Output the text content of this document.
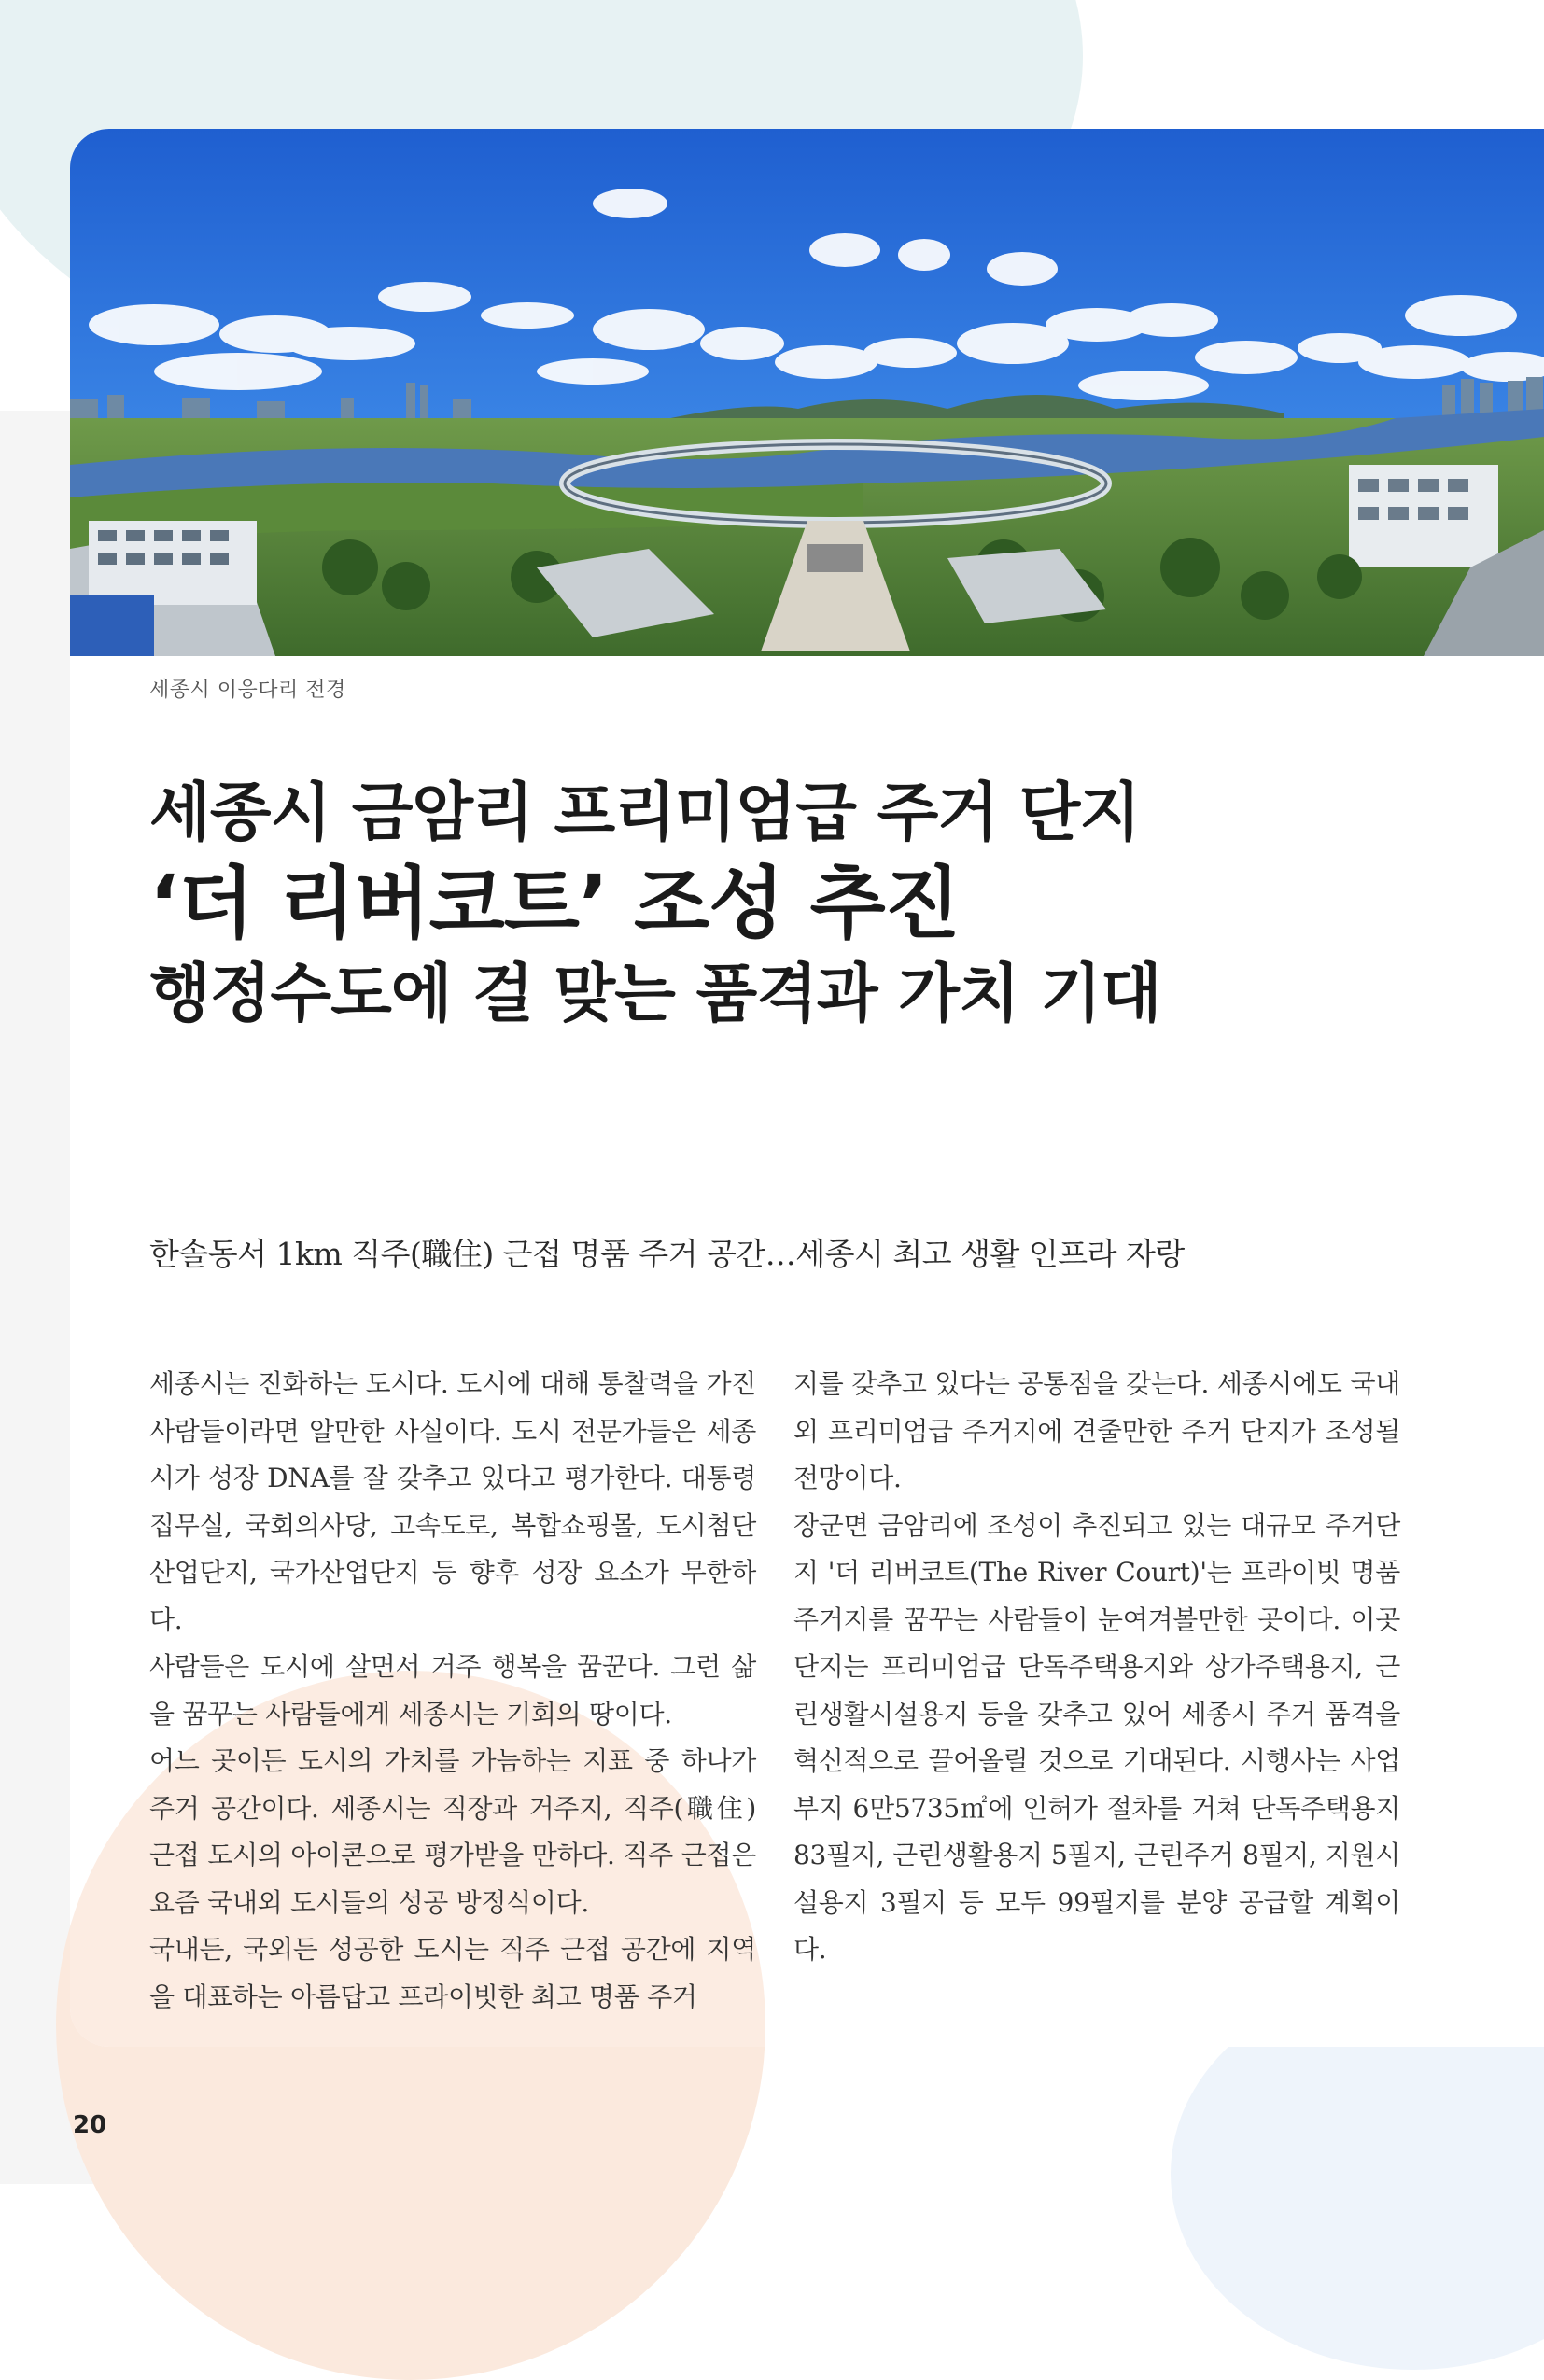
세종시 이응다리 전경
세종시 금암리 프리미엄급 주거 단지
‘더 리버코트’ 조성 추진
행정수도에 걸 맞는 품격과 가치 기대
한솔동서 1km 직주(職住) 근접 명품 주거 공간…세종시 최고 생활 인프라 자랑

세종시는 진화하는 도시다. 도시에 대해 통찰력을 가진 사람들이라면 알만한 사실이다. 도시 전문가들은 세종시가 성장 DNA를 잘 갖추고 있다고 평가한다. 대통령집무실, 국회의사당, 고속도로, 복합쇼핑몰, 도시첨단산업단지, 국가산업단지 등 향후 성장 요소가 무한하다.

사람들은 도시에 살면서 거주 행복을 꿈꾼다. 그런 삶을 꿈꾸는 사람들에게 세종시는 기회의 땅이다.

어느 곳이든 도시의 가치를 가늠하는 지표 중 하나가 주거 공간이다. 세종시는 직장과 거주지, 직주(職住) 근접 도시의 아이콘으로 평가받을 만하다. 직주 근접은 요즘 국내외 도시들의 성공 방정식이다.

국내든, 국외든 성공한 도시는 직주 근접 공간에 지역을 대표하는 아름답고 프라이빗한 최고 명품 주거

지를 갖추고 있다는 공통점을 갖는다. 세종시에도 국내외 프리미엄급 주거지에 견줄만한 주거 단지가 조성될 전망이다.

장군면 금암리에 조성이 추진되고 있는 대규모 주거단지 '더 리버코트(The River Court)'는 프라이빗 명품 주거지를 꿈꾸는 사람들이 눈여겨볼만한 곳이다. 이곳 단지는 프리미엄급 단독주택용지와 상가주택용지, 근린생활시설용지 등을 갖추고 있어 세종시 주거 품격을 혁신적으로 끌어올릴 것으로 기대된다. 시행사는 사업부지 6만5735㎡에 인허가 절차를 거쳐 단독주택용지 83필지, 근린생활용지 5필지, 근린주거 8필지, 지원시설용지 3필지 등 모두 99필지를 분양 공급할 계획이다.

20
